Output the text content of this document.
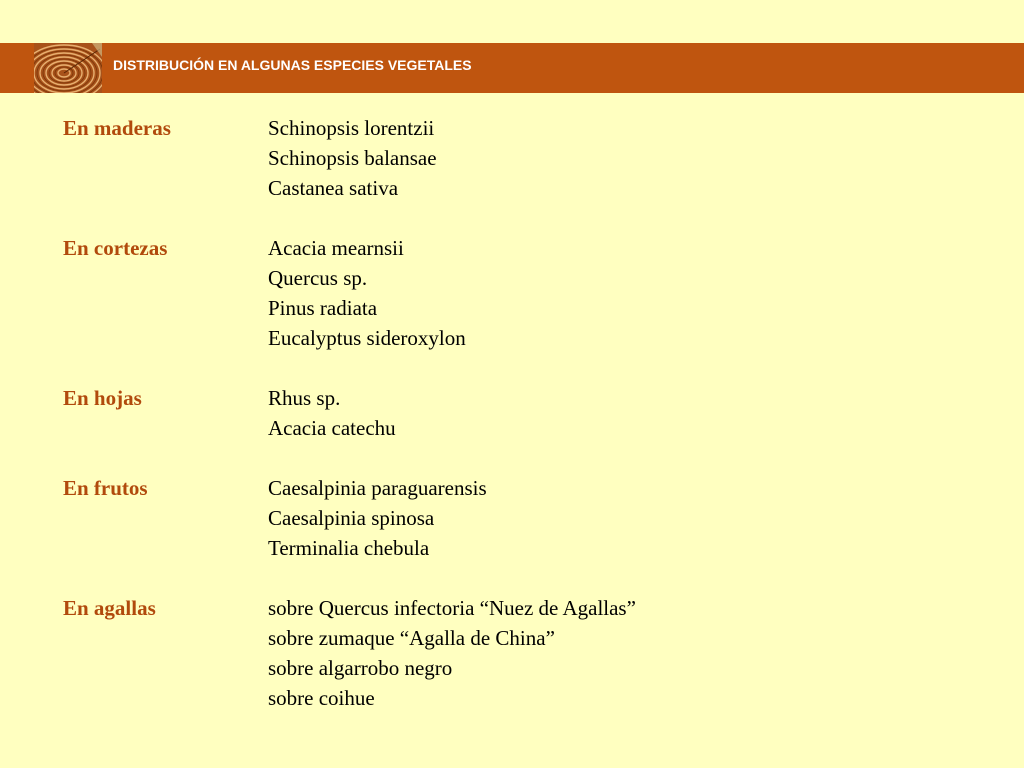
DISTRIBUCIÓN EN ALGUNAS ESPECIES VEGETALES
En maderas	Schinopsis lorentzii
Schinopsis balansae
Castanea sativa
En cortezas	Acacia mearnsii
Quercus sp.
Pinus radiata
Eucalyptus sideroxylon
En hojas	Rhus sp.
Acacia catechu
En frutos	Caesalpinia paraguarensis
Caesalpinia spinosa
Terminalia chebula
En agallas	sobre Quercus infectoria “Nuez de Agallas”
sobre zumaque “Agalla de China”
sobre algarrobo negro
sobre coihue
